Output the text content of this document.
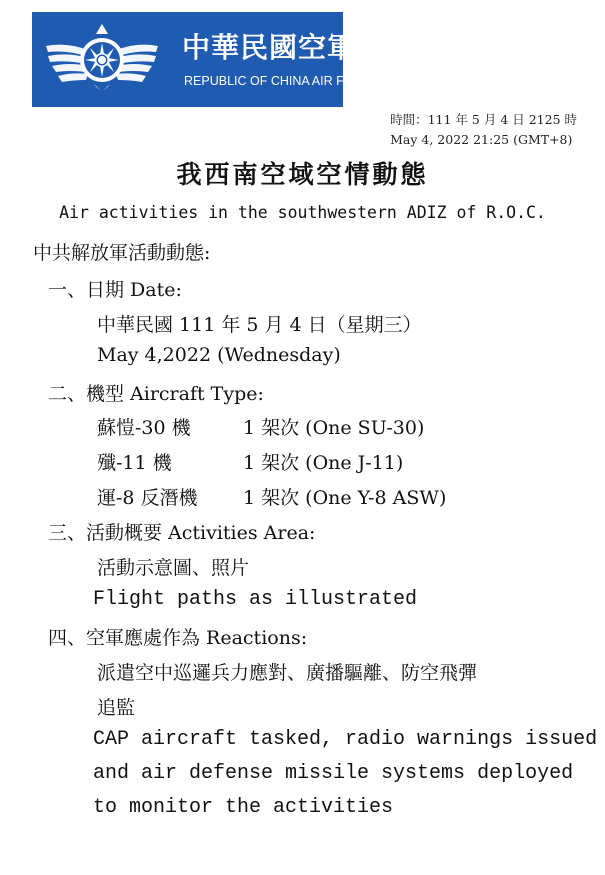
中華民國空軍
REPUBLIC OF CHINA AIR FORCE
時間：111 年 5 月 4 日 2125 時
May 4, 2022 21:25 (GMT+8)
我西南空域空情動態
Air activities in the southwestern ADIZ of R.O.C.
中共解放軍活動動態:
一、日期 Date:
中華民國 111 年 5 月 4 日（星期三）
May 4,2022 (Wednesday)
二、機型 Aircraft Type:
蘇愷-30 機	1 架次 (One SU-30)
殲-11 機	1 架次 (One J-11)
運-8 反潛機 1 架次 (One Y-8 ASW)
三、活動概要 Activities Area:
活動示意圖、照片
Flight paths as illustrated
四、空軍應處作為 Reactions:
派遣空中巡邏兵力應對、廣播驅離、防空飛彈
追監
CAP aircraft tasked, radio warnings issued
and air defense missile systems deployed
to monitor the activities
